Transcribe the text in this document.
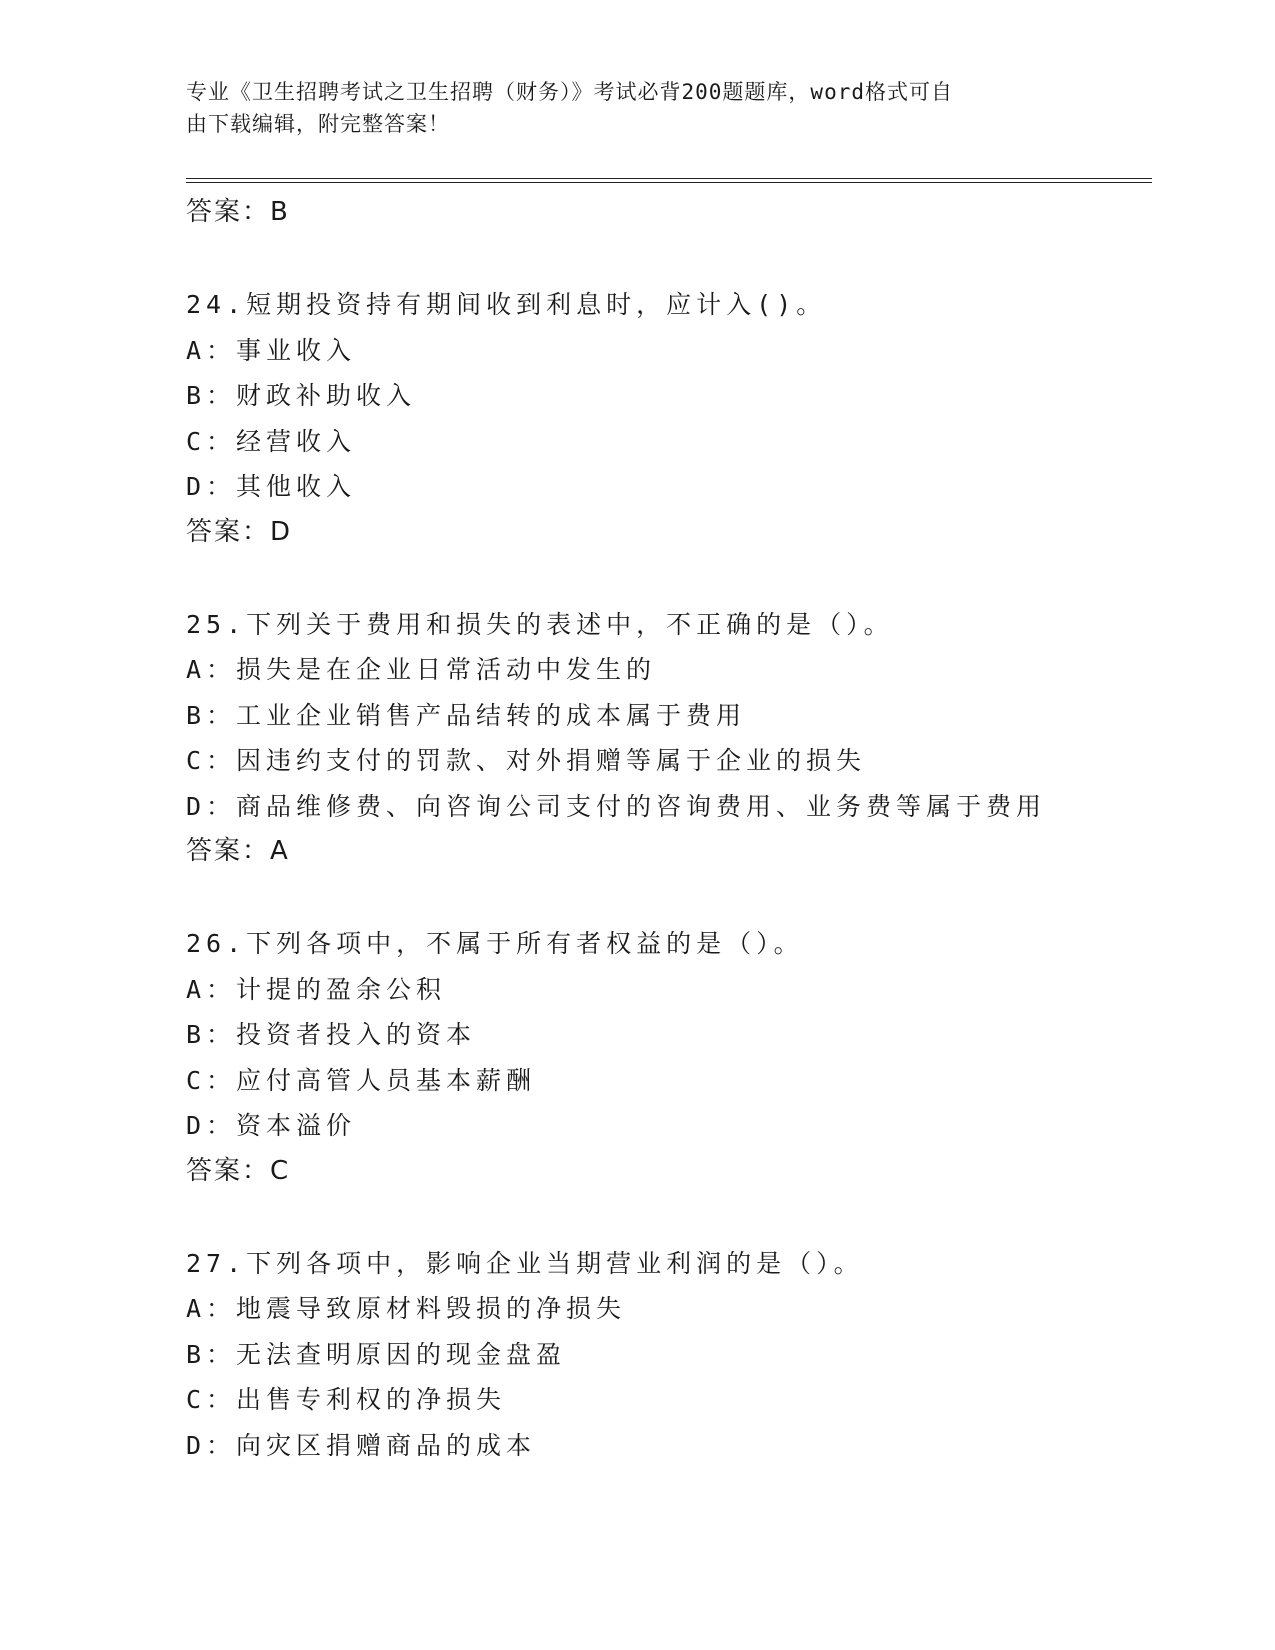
专业《卫生招聘考试之卫生招聘（财务）》考试必背200题题库，word格式可自
由下载编辑，附完整答案！
答案：B
24.短期投资持有期间收到利息时，应计入()。
A：事业收入
B：财政补助收入
C：经营收入
D：其他收入
答案：D
25.下列关于费用和损失的表述中，不正确的是（）。
A：损失是在企业日常活动中发生的
B：工业企业销售产品结转的成本属于费用
C：因违约支付的罚款、对外捐赠等属于企业的损失
D：商品维修费、向咨询公司支付的咨询费用、业务费等属于费用
答案：A
26.下列各项中，不属于所有者权益的是（）。
A：计提的盈余公积
B：投资者投入的资本
C：应付高管人员基本薪酬
D：资本溢价
答案：C
27.下列各项中，影响企业当期营业利润的是（）。
A：地震导致原材料毁损的净损失
B：无法查明原因的现金盘盈
C：出售专利权的净损失
D：向灾区捐赠商品的成本
